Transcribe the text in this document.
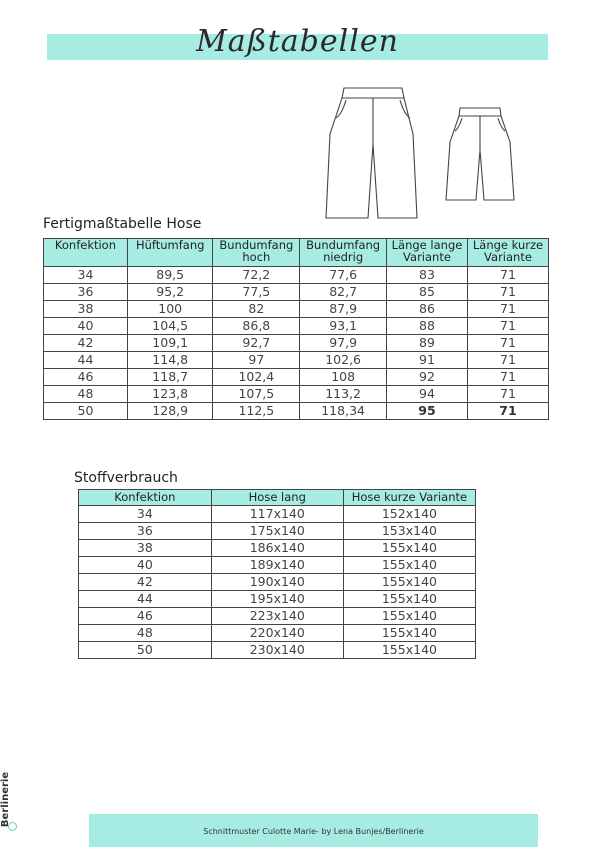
Maßtabellen
Fertigmaßtabelle Hose
Konfektion	Hüftumfang	Bundumfang hoch	Bundumfang niedrig	Länge lange Variante	Länge kurze Variante
34	89,5	72,2	77,6	83	71
36	95,2	77,5	82,7	85	71
38	100	82	87,9	86	71
40	104,5	86,8	93,1	88	71
42	109,1	92,7	97,9	89	71
44	114,8	97	102,6	91	71
46	118,7	102,4	108	92	71
48	123,8	107,5	113,2	94	71
50	128,9	112,5	118,34	95	71
Stoffverbrauch
Konfektion	Hose lang	Hose kurze Variante
34	117x140	152x140
36	175x140	153x140
38	186x140	155x140
40	189x140	155x140
42	190x140	155x140
44	195x140	155x140
46	223x140	155x140
48	220x140	155x140
50	230x140	155x140
Berlinerie
Schnittmuster Culotte Marie- by Lena Bunjes/Berlinerie
